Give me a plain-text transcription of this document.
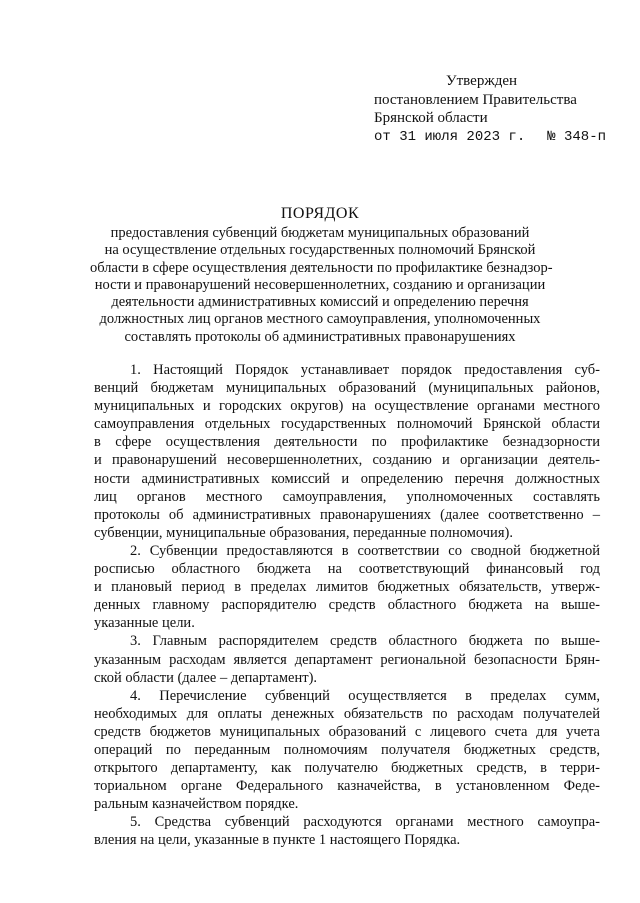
Утвержден
постановлением Правительства
Брянской области
от 31 июля 2023 г. № 348-п
ПОРЯДОК
предоставления субвенций бюджетам муниципальных образований
на осуществление отдельных государственных полномочий Брянской
области в сфере осуществления деятельности по профилактике безнадзор-
ности и правонарушений несовершеннолетних, созданию и организации
деятельности административных комиссий и определению перечня
должностных лиц органов местного самоуправления, уполномоченных
составлять протоколы об административных правонарушениях
1. Настоящий Порядок устанавливает порядок предоставления суб-
венций бюджетам муниципальных образований (муниципальных районов,
муниципальных и городских округов) на осуществление органами местного
самоуправления отдельных государственных полномочий Брянской области
в сфере осуществления деятельности по профилактике безнадзорности
и правонарушений несовершеннолетних, созданию и организации деятель-
ности административных комиссий и определению перечня должностных
лиц органов местного самоуправления, уполномоченных составлять
протоколы об административных правонарушениях (далее соответственно –
субвенции, муниципальные образования, переданные полномочия).
2. Субвенции предоставляются в соответствии со сводной бюджетной
росписью областного бюджета на соответствующий финансовый год
и плановый период в пределах лимитов бюджетных обязательств, утверж-
денных главному распорядителю средств областного бюджета на выше-
указанные цели.
3. Главным распорядителем средств областного бюджета по выше-
указанным расходам является департамент региональной безопасности Брян-
ской области (далее – департамент).
4. Перечисление субвенций осуществляется в пределах сумм,
необходимых для оплаты денежных обязательств по расходам получателей
средств бюджетов муниципальных образований с лицевого счета для учета
операций по переданным полномочиям получателя бюджетных средств,
открытого департаменту, как получателю бюджетных средств, в терри-
ториальном органе Федерального казначейства, в установленном Феде-
ральным казначейством порядке.
5. Средства субвенций расходуются органами местного самоупра-
вления на цели, указанные в пункте 1 настоящего Порядка.
